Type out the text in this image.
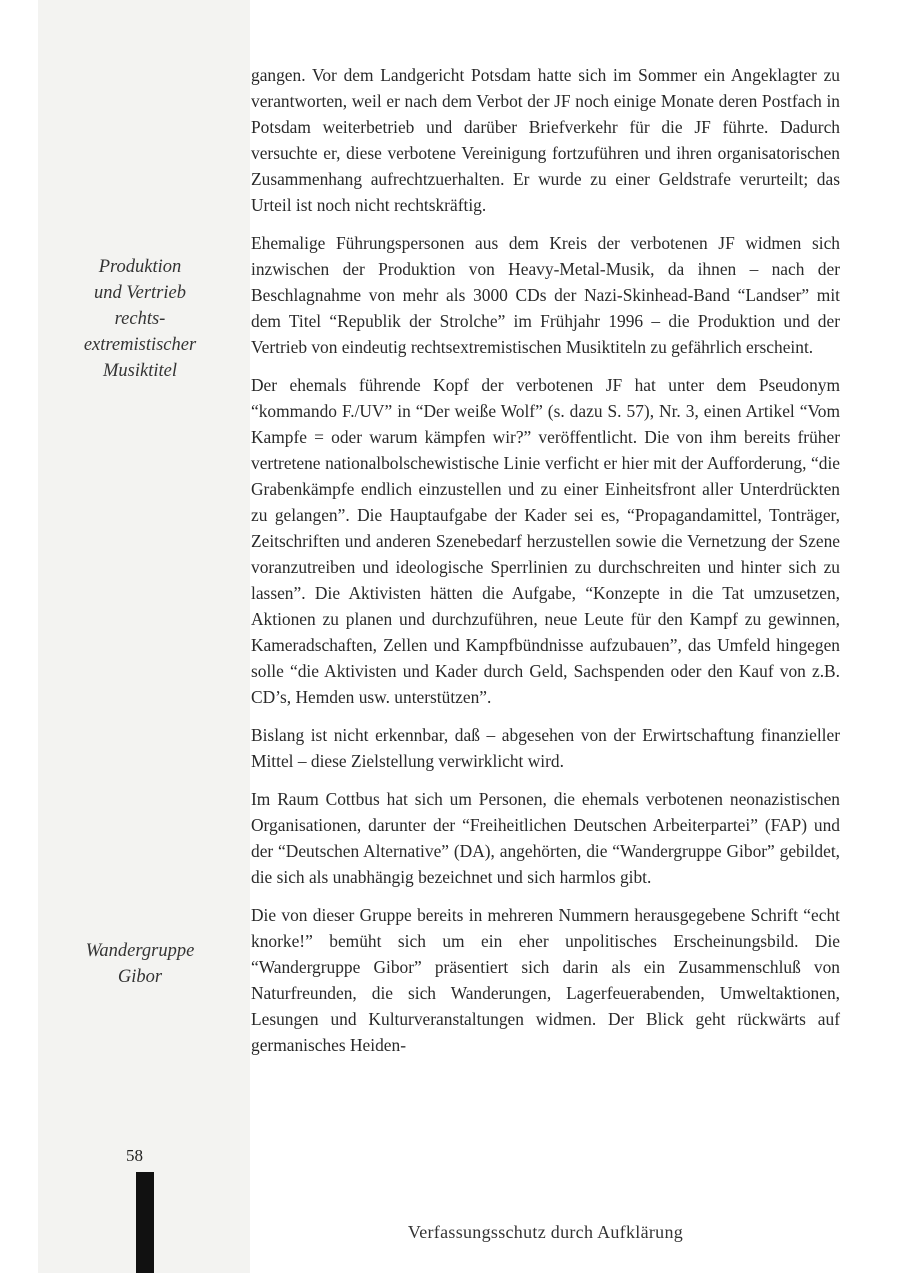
Produktion
und Vertrieb
rechts-
extremistischer
Musiktitel
Wandergruppe
Gibor
58

gangen. Vor dem Landgericht Potsdam hatte sich im Sommer ein Angeklagter zu verantworten, weil er nach dem Verbot der JF noch einige Monate deren Postfach in Potsdam weiterbetrieb und darüber Briefverkehr für die JF führte. Dadurch versuchte er, diese verbotene Vereinigung fortzuführen und ihren organisatorischen Zusammenhang aufrechtzuerhalten. Er wurde zu einer Geldstrafe verurteilt; das Urteil ist noch nicht rechtskräftig.

Ehemalige Führungspersonen aus dem Kreis der verbotenen JF widmen sich inzwischen der Produktion von Heavy-Metal-Musik, da ihnen – nach der Beschlagnahme von mehr als 3000 CDs der Nazi-Skinhead-Band “Landser” mit dem Titel “Republik der Strolche” im Frühjahr 1996 – die Produktion und der Vertrieb von eindeutig rechtsextremistischen Musiktiteln zu gefährlich erscheint.

Der ehemals führende Kopf der verbotenen JF hat unter dem Pseudonym “kommando F./UV” in “Der weiße Wolf” (s. dazu S. 57), Nr. 3, einen Artikel “Vom Kampfe = oder warum kämpfen wir?” veröffentlicht. Die von ihm bereits früher vertretene nationalbolschewistische Linie verficht er hier mit der Aufforderung, “die Grabenkämpfe endlich einzustellen und zu einer Einheitsfront aller Unterdrückten zu gelangen”. Die Hauptaufgabe der Kader sei es, “Propagandamittel, Tonträger, Zeitschriften und anderen Szenebedarf herzustellen sowie die Vernetzung der Szene voranzutreiben und ideologische Sperrlinien zu durchschreiten und hinter sich zu lassen”. Die Aktivisten hätten die Aufgabe, “Konzepte in die Tat umzusetzen, Aktionen zu planen und durchzuführen, neue Leute für den Kampf zu gewinnen, Kameradschaften, Zellen und Kampfbündnisse aufzubauen”, das Umfeld hingegen solle “die Aktivisten und Kader durch Geld, Sachspenden oder den Kauf von z.B. CD’s, Hemden usw. unterstützen”.

Bislang ist nicht erkennbar, daß – abgesehen von der Erwirtschaftung finanzieller Mittel – diese Zielstellung verwirklicht wird.

Im Raum Cottbus hat sich um Personen, die ehemals verbotenen neonazistischen Organisationen, darunter der “Freiheitlichen Deutschen Arbeiterpartei” (FAP) und der “Deutschen Alternative” (DA), angehörten, die “Wandergruppe Gibor” gebildet, die sich als unabhängig bezeichnet und sich harmlos gibt.

Die von dieser Gruppe bereits in mehreren Nummern herausgegebene Schrift “echt knorke!” bemüht sich um ein eher unpolitisches Erscheinungsbild. Die “Wandergruppe Gibor” präsentiert sich darin als ein Zusammenschluß von Naturfreunden, die sich Wanderungen, Lagerfeuerabenden, Umweltaktionen, Lesungen und Kulturveranstaltungen widmen. Der Blick geht rückwärts auf germanisches Heiden-

Verfassungsschutz durch Aufklärung
